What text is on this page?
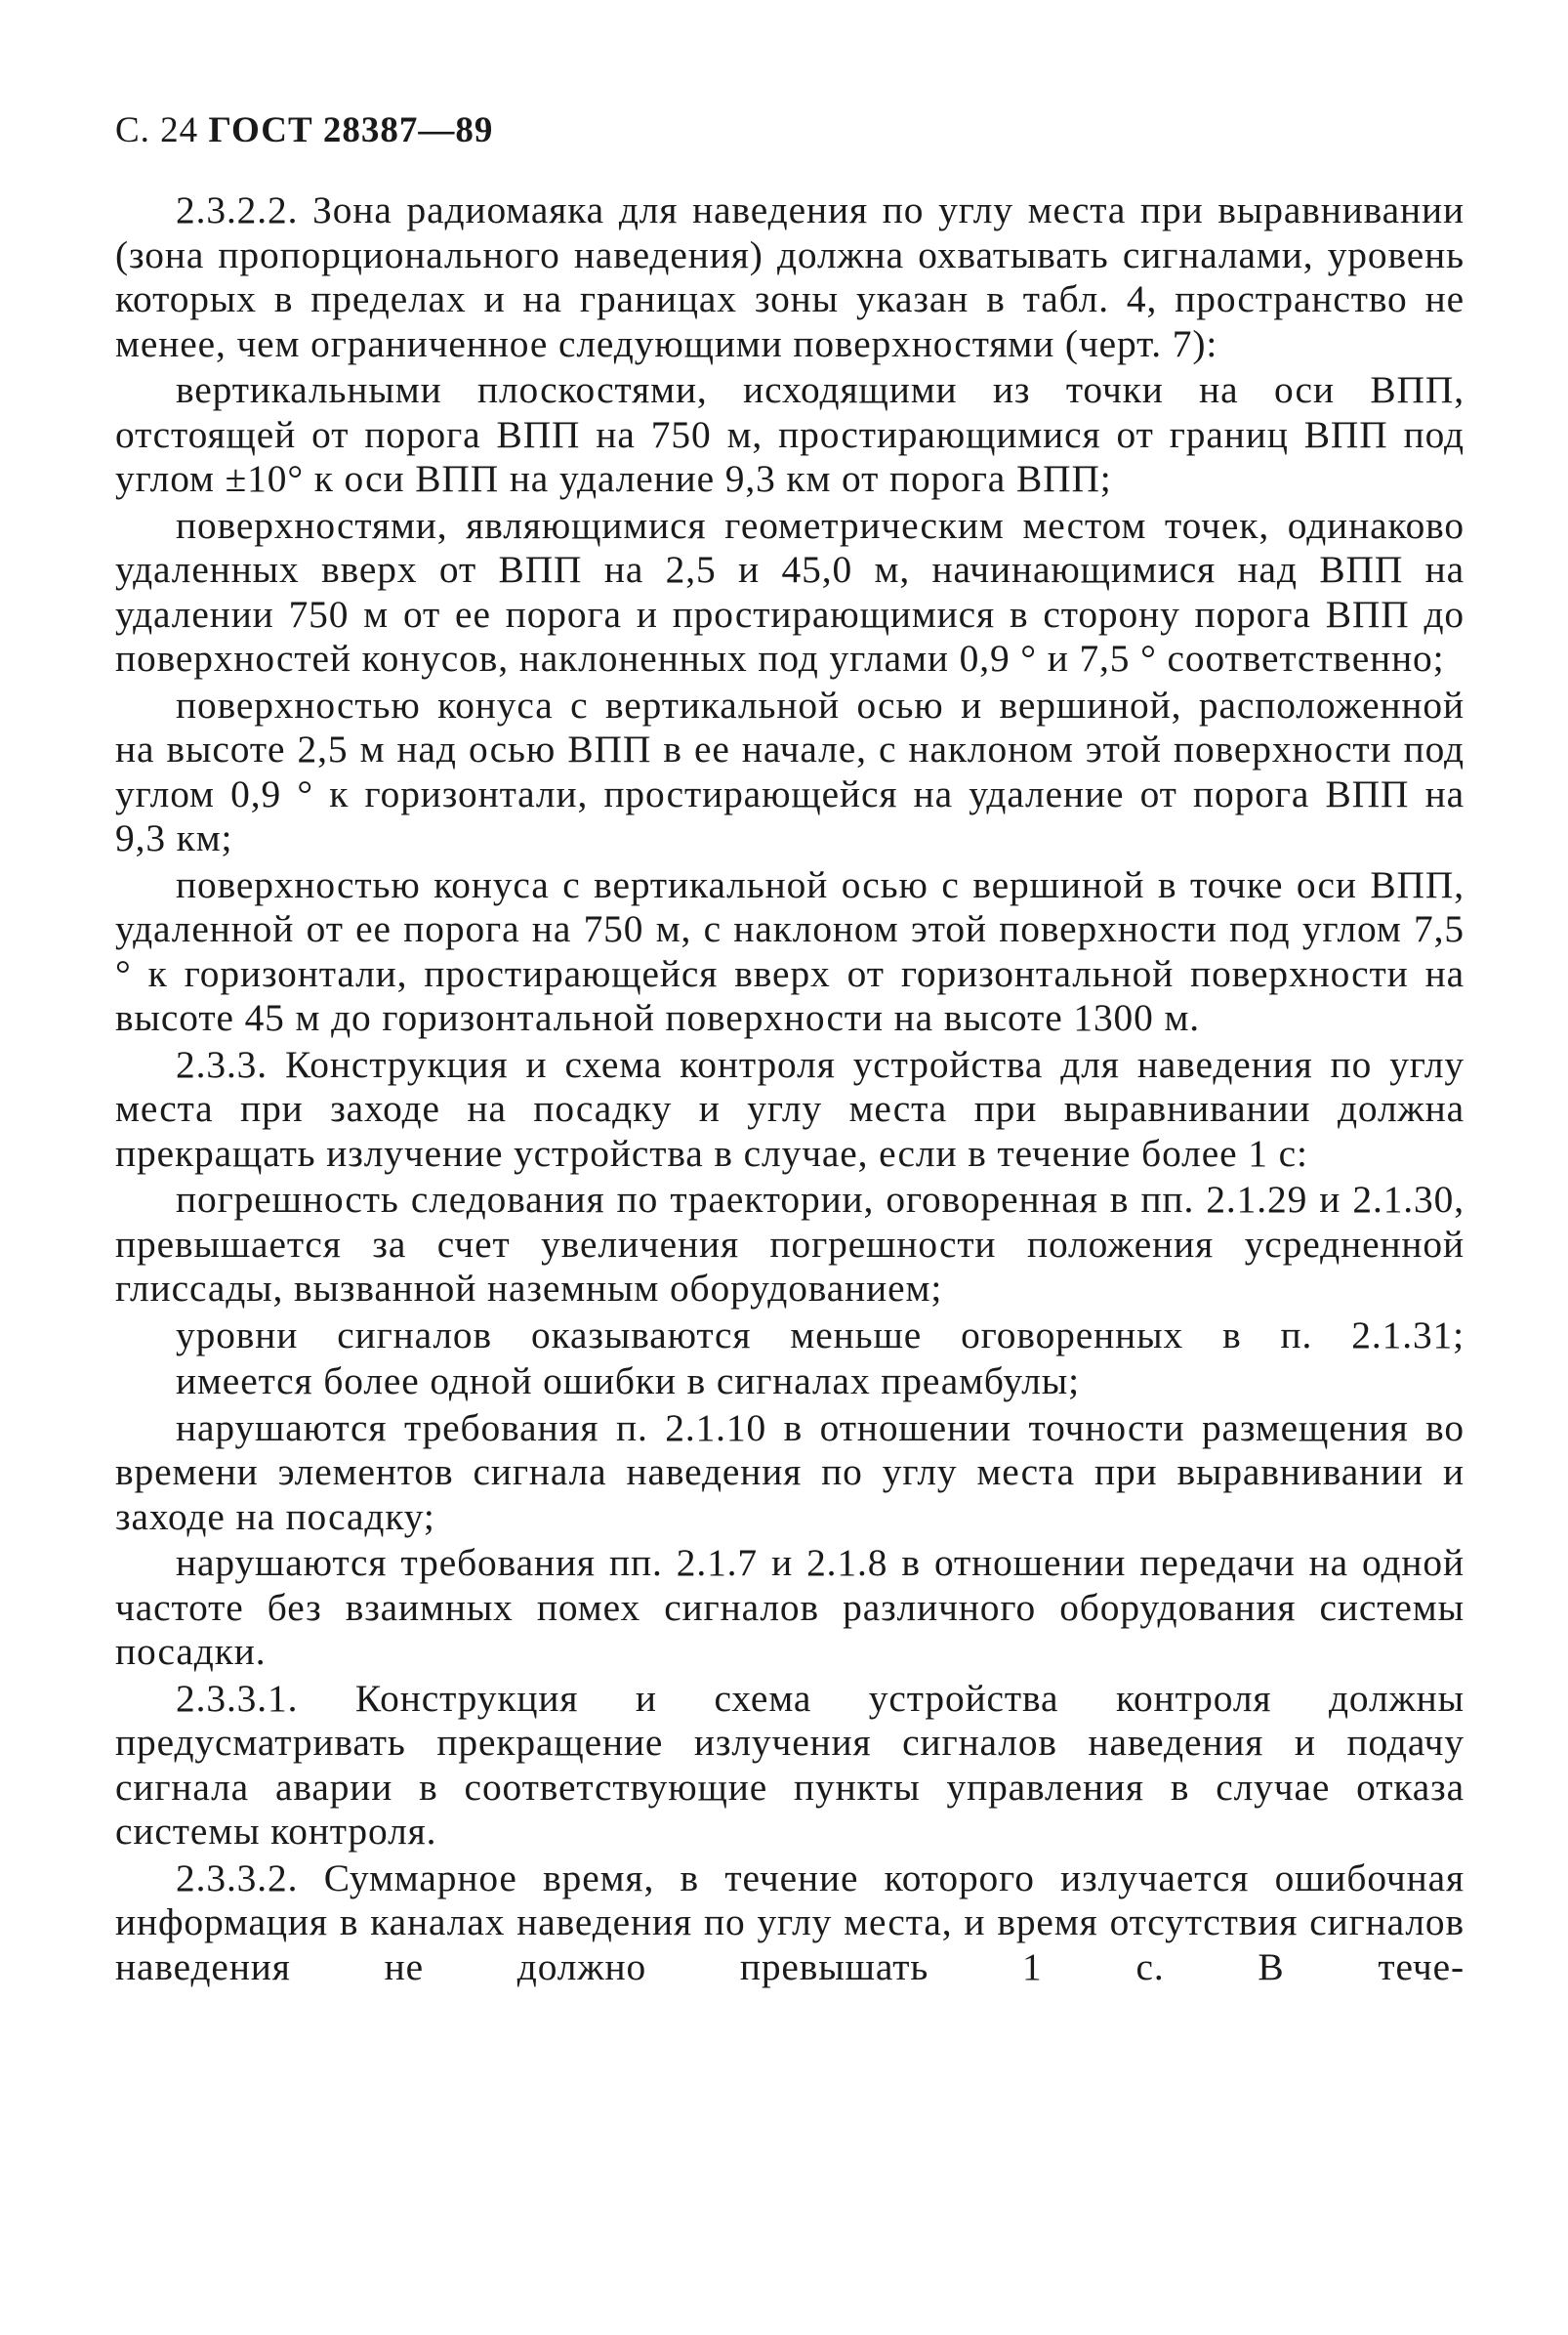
С. 24 ГОСТ 28387—89

2.3.2.2. Зона радиомаяка для наведения по углу места при выравнивании (зона пропорционального наведения) должна охватывать сигналами, уровень которых в пределах и на границах зоны указан в табл. 4, пространство не менее, чем ограниченное следующими поверхностями (черт. 7):

вертикальными плоскостями, исходящими из точки на оси ВПП, отстоящей от порога ВПП на 750 м, простирающимися от границ ВПП под углом ±10° к оси ВПП на удаление 9,3 км от порога ВПП;

поверхностями, являющимися геометрическим местом точек, одинаково удаленных вверх от ВПП на 2,5 и 45,0 м, начинающимися над ВПП на удалении 750 м от ее порога и простирающимися в сторону порога ВПП до поверхностей конусов, наклоненных под углами 0,9 ° и 7,5 ° соответственно;

поверхностью конуса с вертикальной осью и вершиной, расположенной на высоте 2,5 м над осью ВПП в ее начале, с наклоном этой поверхности под углом 0,9 ° к горизонтали, простирающейся на удаление от порога ВПП на 9,3 км;

поверхностью конуса с вертикальной осью с вершиной в точке оси ВПП, удаленной от ее порога на 750 м, с наклоном этой поверхности под углом 7,5 ° к горизонтали, простирающейся вверх от горизонтальной поверхности на высоте 45 м до горизонтальной поверхности на высоте 1300 м.

2.3.3. Конструкция и схема контроля устройства для наведения по углу места при заходе на посадку и углу места при выравнивании должна прекращать излучение устройства в случае, если в течение более 1 с:

погрешность следования по траектории, оговоренная в пп. 2.1.29 и 2.1.30, превышается за счет увеличения погрешности положения усредненной глиссады, вызванной наземным оборудованием;

уровни сигналов оказываются меньше оговоренных в п. 2.1.31;

имеется более одной ошибки в сигналах преамбулы;

нарушаются требования п. 2.1.10 в отношении точности размещения во времени элементов сигнала наведения по углу места при выравнивании и заходе на посадку;

нарушаются требования пп. 2.1.7 и 2.1.8 в отношении передачи на одной частоте без взаимных помех сигналов различного оборудования системы посадки.

2.3.3.1. Конструкция и схема устройства контроля должны предусматривать прекращение излучения сигналов наведения и подачу сигнала аварии в соответствующие пункты управления в случае отказа системы контроля.

2.3.3.2. Суммарное время, в течение которого излучается ошибочная информация в каналах наведения по углу места, и время отсутствия сигналов наведения не должно превышать 1 с. В тече-
